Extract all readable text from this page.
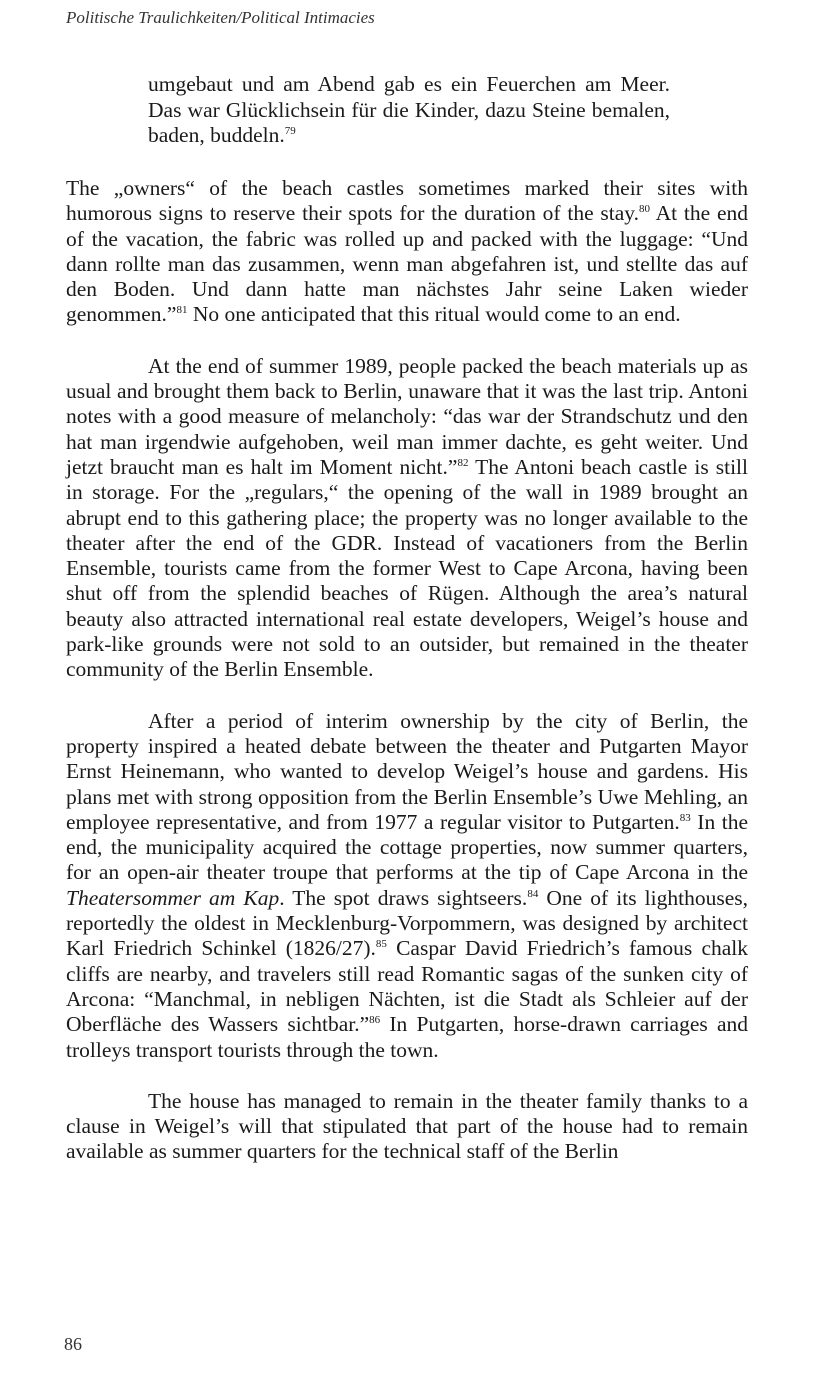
Politische Traulichkeiten/Political Intimacies
umgebaut und am Abend gab es ein Feuerchen am Meer. Das war Glücklichsein für die Kinder, dazu Steine bemalen, baden, buddeln.$^{79}$

The „owners“ of the beach castles sometimes marked their sites with humorous signs to reserve their spots for the duration of the stay.$^{80}$ At the end of the vacation, the fabric was rolled up and packed with the luggage: “Und dann rollte man das zusammen, wenn man abgefahren ist, und stellte das auf den Boden. Und dann hatte man nächstes Jahr seine Laken wieder genommen.”$^{81}$ No one anticipated that this ritual would come to an end.

At the end of summer 1989, people packed the beach materials up as usual and brought them back to Berlin, unaware that it was the last trip. Antoni notes with a good measure of melancholy: “das war der Strandschutz und den hat man irgendwie aufgehoben, weil man immer dachte, es geht weiter. Und jetzt braucht man es halt im Moment nicht.”$^{82}$ The Antoni beach castle is still in storage. For the „regulars,“ the opening of the wall in 1989 brought an abrupt end to this gathering place; the property was no longer available to the theater after the end of the GDR. Instead of vacationers from the Berlin Ensemble, tourists came from the former West to Cape Arcona, having been shut off from the splendid beaches of Rügen. Although the area’s natural beauty also attracted international real estate developers, Weigel’s house and park-like grounds were not sold to an outsider, but remained in the theater community of the Berlin Ensemble.

After a period of interim ownership by the city of Berlin, the property inspired a heated debate between the theater and Putgarten Mayor Ernst Heinemann, who wanted to develop Weigel’s house and gardens. His plans met with strong opposition from the Berlin Ensemble’s Uwe Mehling, an employee representative, and from 1977 a regular visitor to Putgarten.$^{83}$ In the end, the municipality acquired the cottage properties, now summer quarters, for an open-air theater troupe that performs at the tip of Cape Arcona in the Theatersommer am Kap. The spot draws sightseers.$^{84}$ One of its lighthouses, reportedly the oldest in Mecklenburg-Vorpommern, was designed by architect Karl Friedrich Schinkel (1826/27).$^{85}$ Caspar David Friedrich’s famous chalk cliffs are nearby, and travelers still read Romantic sagas of the sunken city of Arcona: “Manchmal, in nebligen Nächten, ist die Stadt als Schleier auf der Oberfläche des Wassers sichtbar.”$^{86}$ In Putgarten, horse-drawn carriages and trolleys transport tourists through the town.

The house has managed to remain in the theater family thanks to a clause in Weigel’s will that stipulated that part of the house had to remain available as summer quarters for the technical staff of the Berlin

86
